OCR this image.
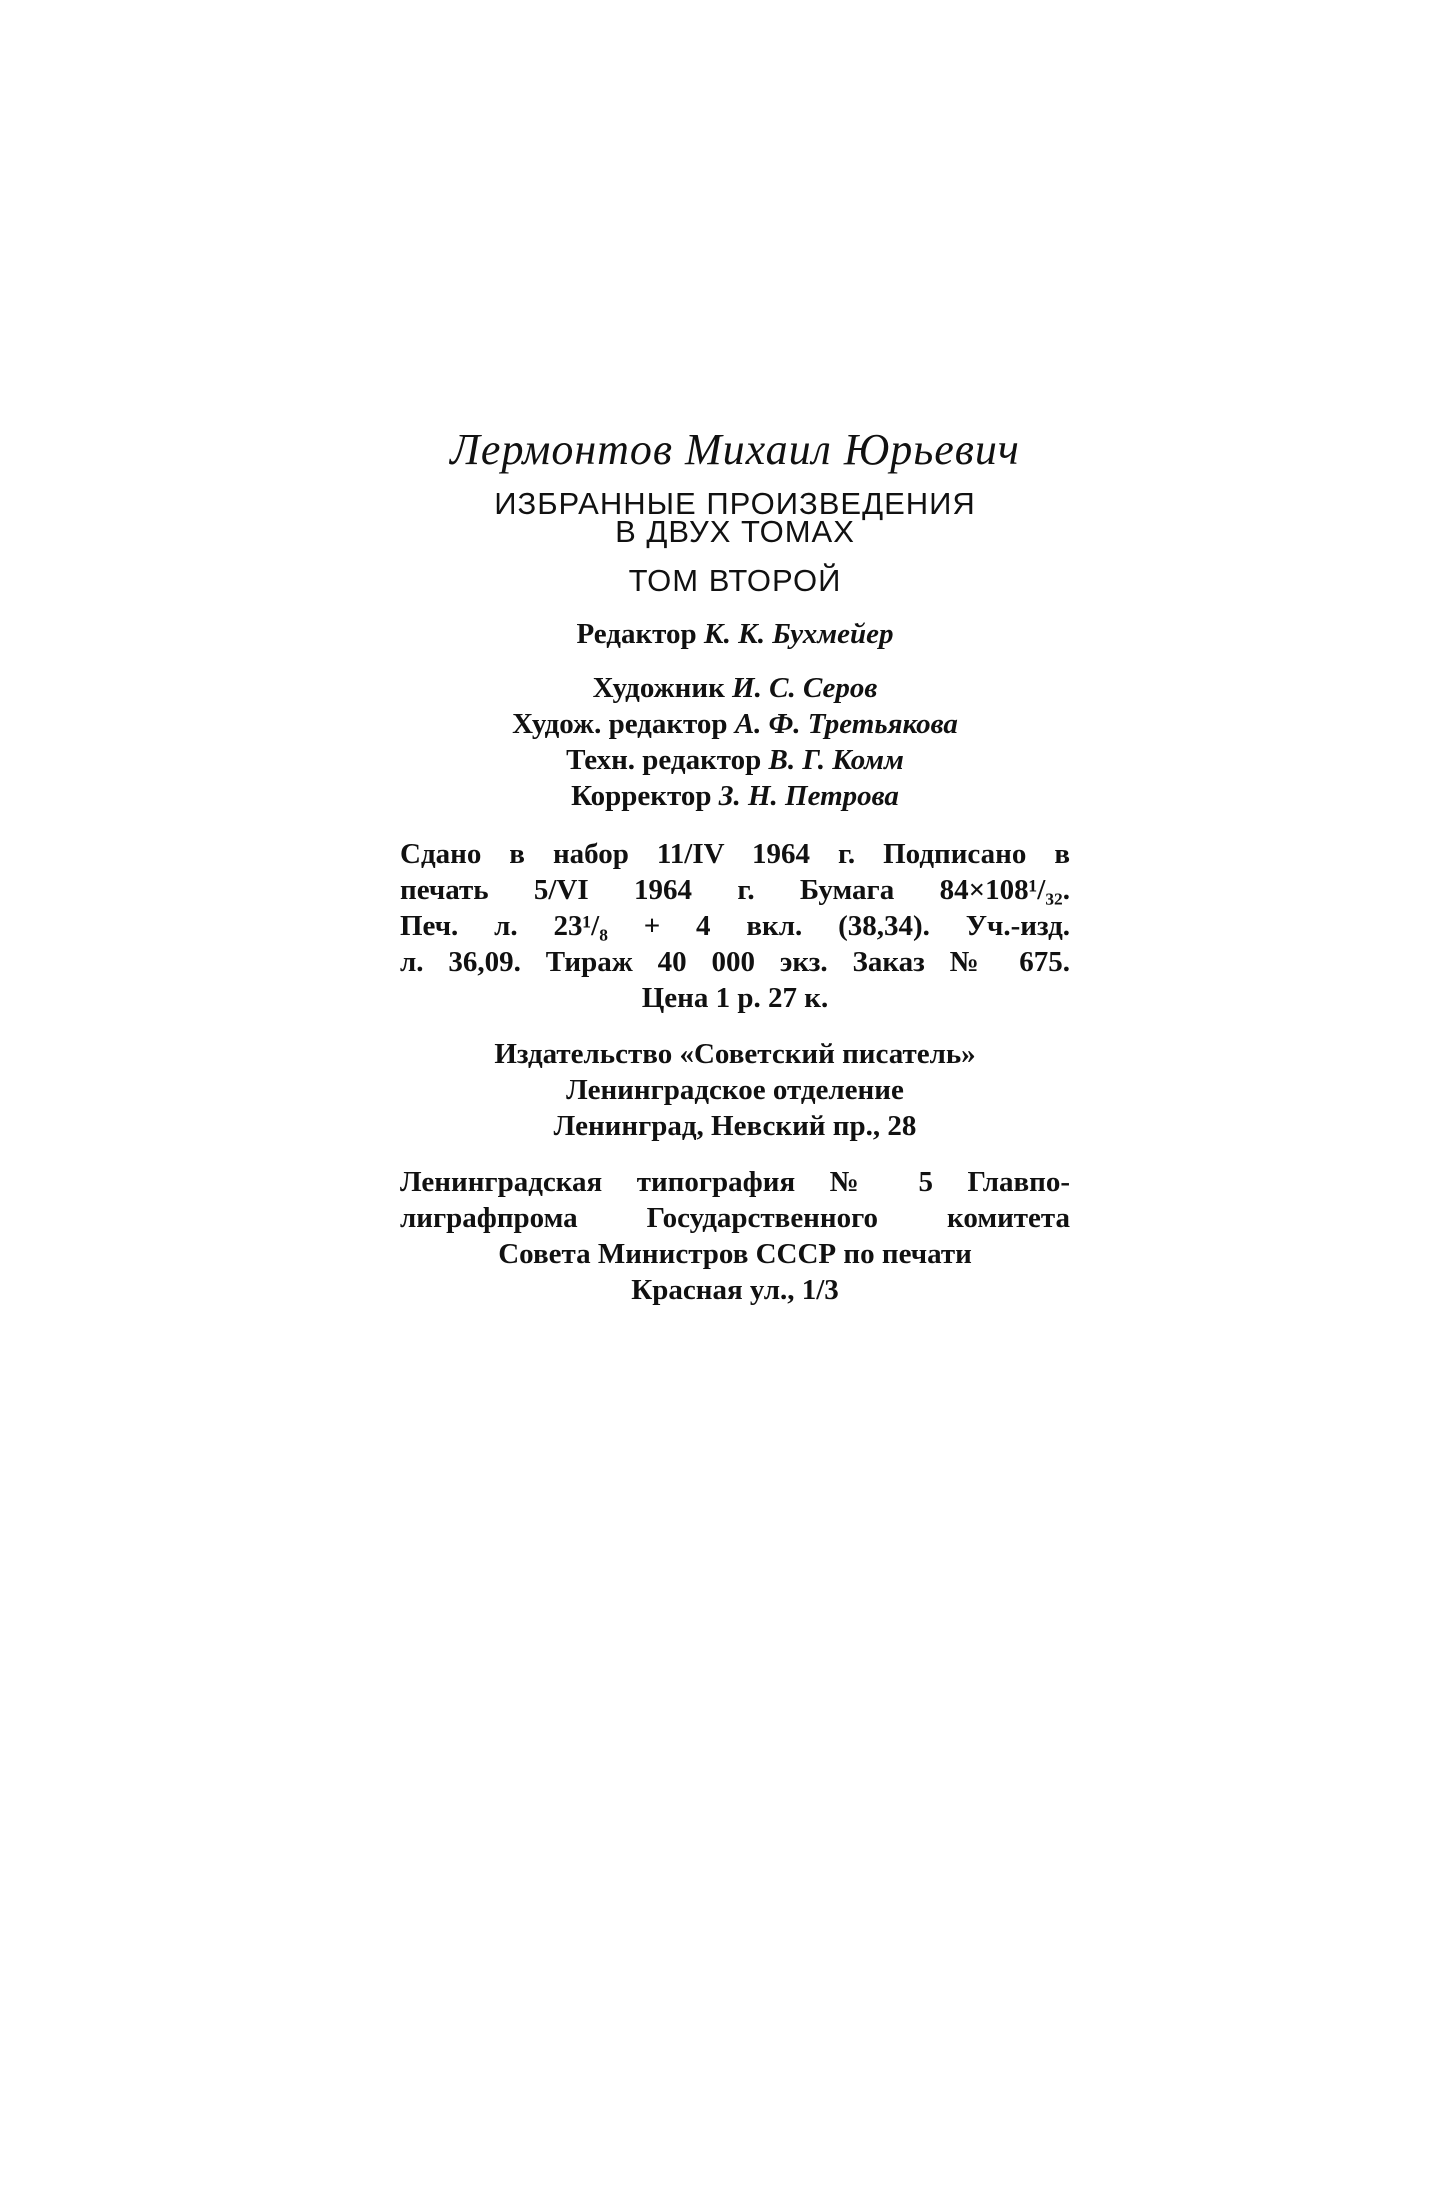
Лермонтов Михаил Юрьевич
ИЗБРАННЫЕ ПРОИЗВЕДЕНИЯ
В ДВУХ ТОМАХ
ТОМ ВТОРОЙ
Редактор К. К. Бухмейер
Художник И. С. Серов
Худож. редактор А. Ф. Третьякова
Техн. редактор В. Г. Комм
Корректор З. Н. Петрова
Сдано в набор 11/IV 1964 г. Подписано в
печать 5/VI 1964 г. Бумага 84×108¹/₃₂.
Печ. л. 23¹/₈ + 4 вкл. (38,34). Уч.-изд.
л. 36,09. Тираж 40 000 экз. Заказ № 675.
Цена 1 р. 27 к.
Издательство «Советский писатель»
Ленинградское отделение
Ленинград, Невский пр., 28
Ленинградская типография № 5 Главпо-
лиграфпрома Государственного комитета
Совета Министров СССР по печати
Красная ул., 1/3
